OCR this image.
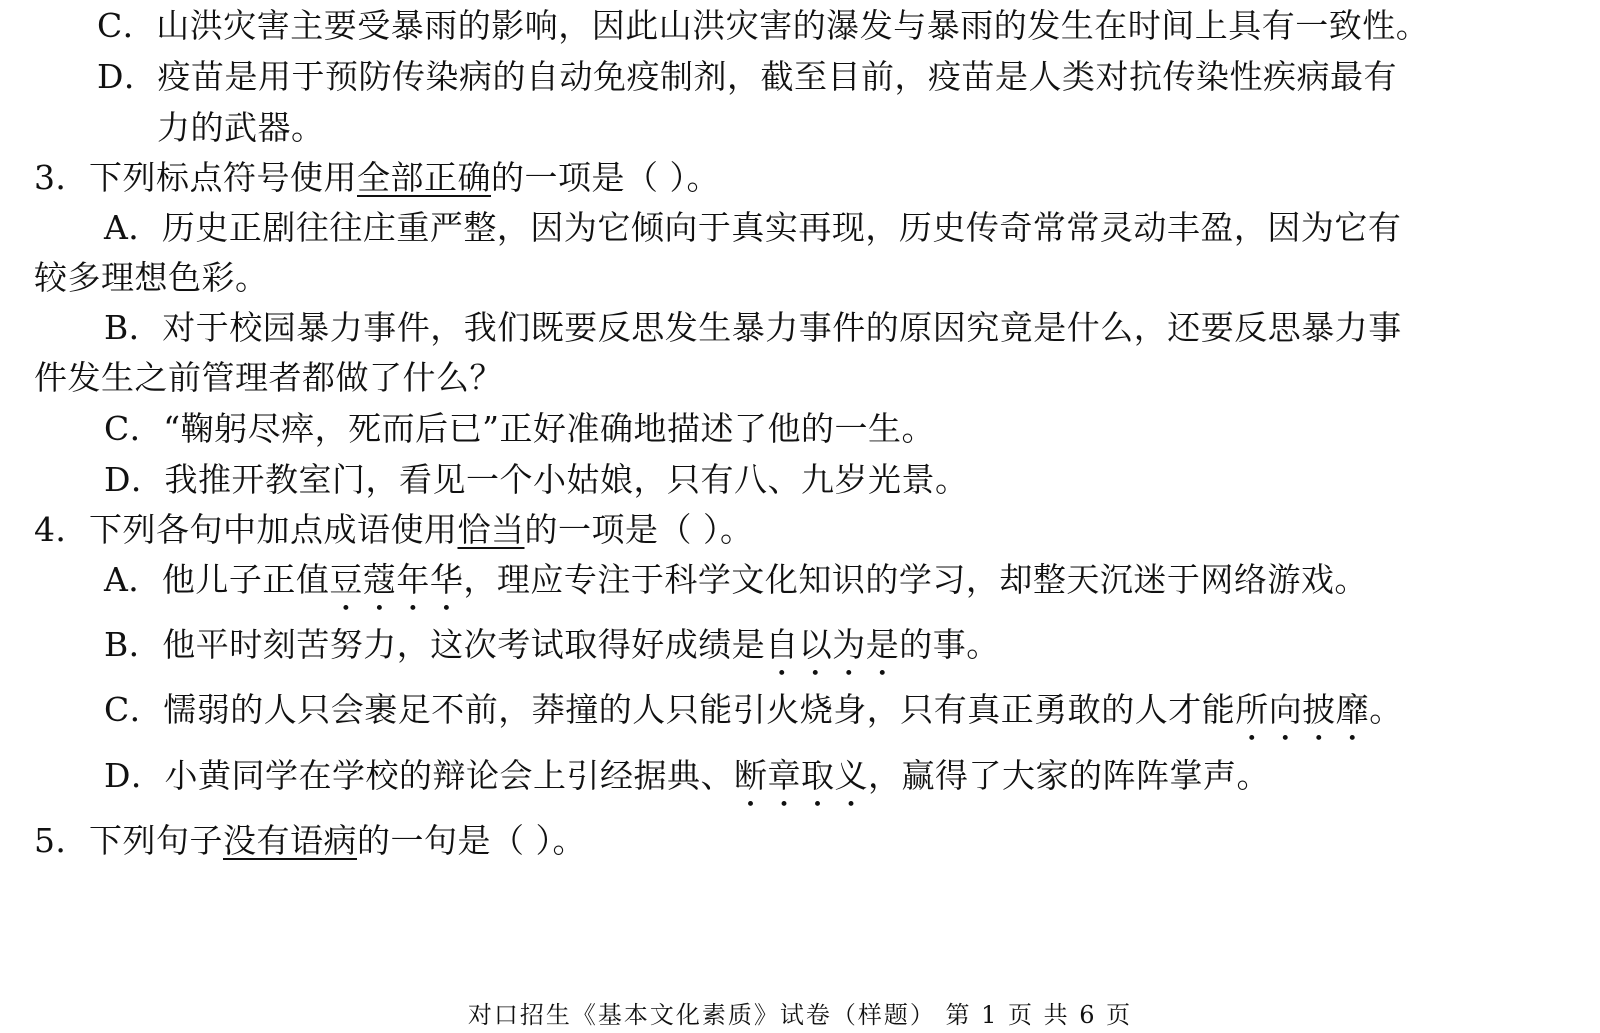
C．山洪灾害主要受暴雨的影响，因此山洪灾害的瀑发与暴雨的发生在时间上具有一致性。
D．疫苗是用于预防传染病的自动免疫制剂，截至目前，疫苗是人类对抗传染性疾病最有
力的武器。
3．下列标点符号使用全部正确的一项是（ ）。
A．历史正剧往往庄重严整，因为它倾向于真实再现，历史传奇常常灵动丰盈，因为它有
较多理想色彩。
B．对于校园暴力事件，我们既要反思发生暴力事件的原因究竟是什么，还要反思暴力事
件发生之前管理者都做了什么？
C．“鞠躬尽瘁，死而后已”正好准确地描述了他的一生。
D．我推开教室门，看见一个小姑娘，只有八、九岁光景。
4．下列各句中加点成语使用恰当的一项是（ ）。
A．他儿子正值豆蔻年华，理应专注于科学文化知识的学习，却整天沉迷于网络游戏。
B．他平时刻苦努力，这次考试取得好成绩是自以为是的事。
C．懦弱的人只会裹足不前，莽撞的人只能引火烧身，只有真正勇敢的人才能所向披靡。
D．小黄同学在学校的辩论会上引经据典、断章取义，赢得了大家的阵阵掌声。
5．下列句子没有语病的一句是（ ）。
对口招生《基本文化素质》试卷（样题） 第 1 页 共 6 页
